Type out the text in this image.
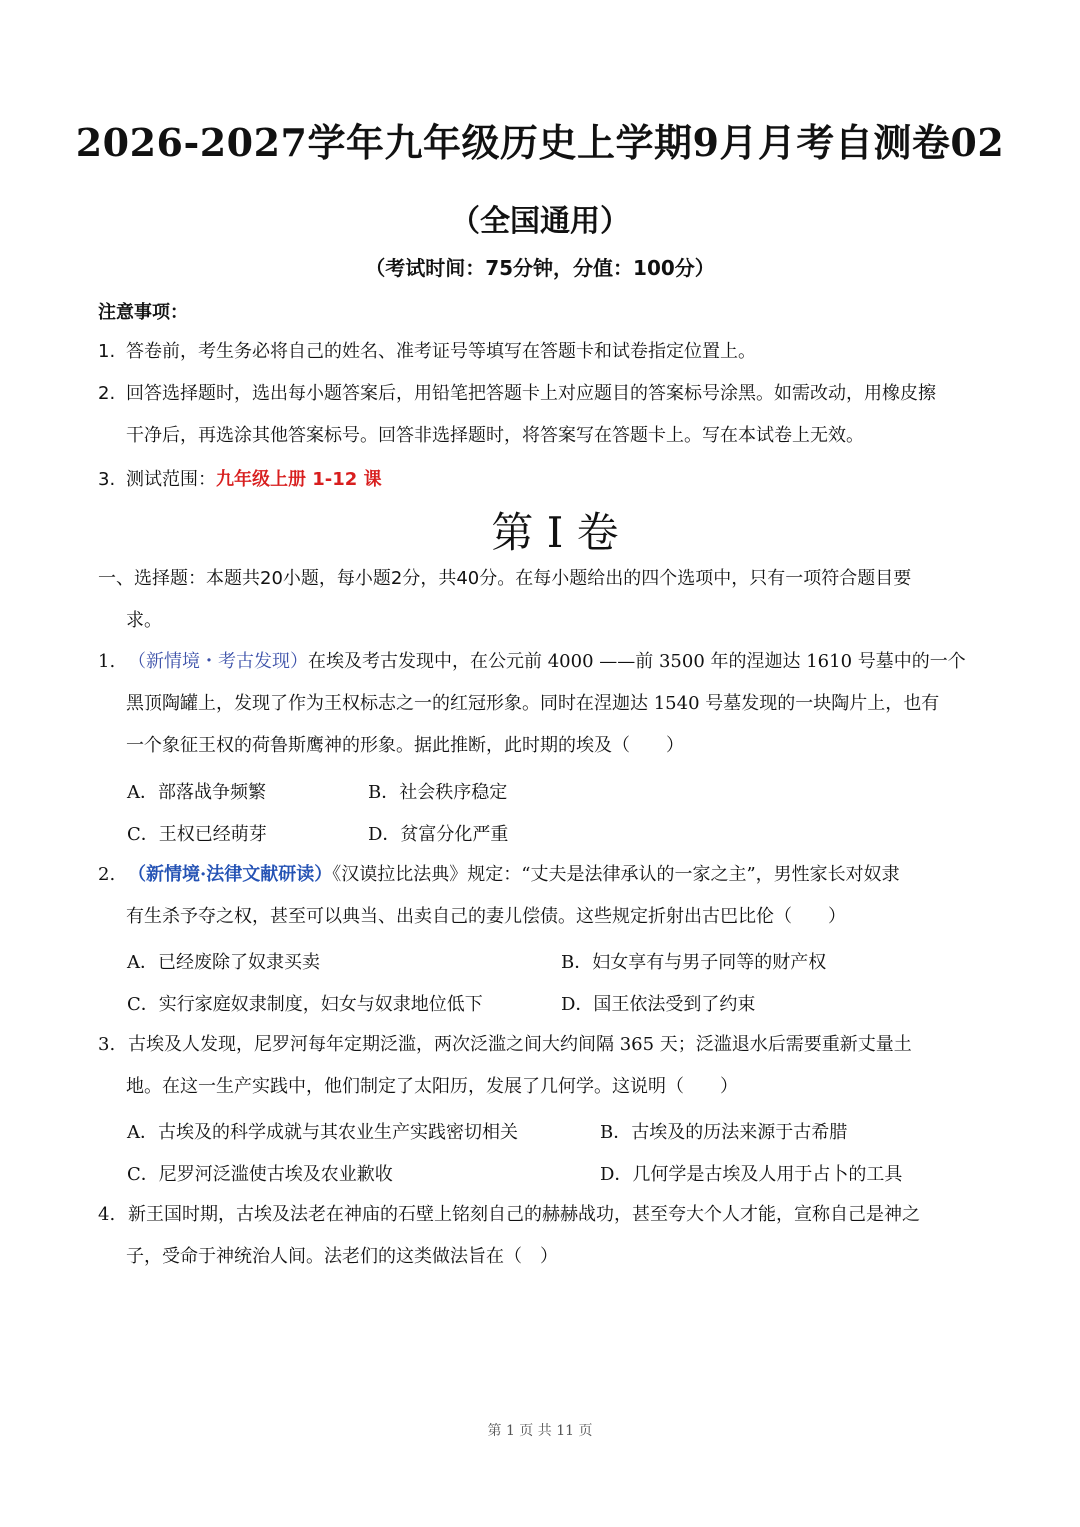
2026-2027学年九年级历史上学期9月月考自测卷02
（全国通用）
（考试时间：75分钟，分值：100分）
注意事项：
1. 答卷前，考生务必将自己的姓名、准考证号等填写在答题卡和试卷指定位置上。
2. 回答选择题时，选出每小题答案后，用铅笔把答题卡上对应题目的答案标号涂黑。如需改动，用橡皮擦
干净后，再选涂其他答案标号。回答非选择题时，将答案写在答题卡上。写在本试卷上无效。
3. 测试范围：九年级上册 1-12 课
第 I 卷
一、选择题：本题共20小题，每小题2分，共40分。在每小题给出的四个选项中，只有一项符合题目要
求。
1. （新情境・考古发现）在埃及考古发现中，在公元前 4000 ——前 3500 年的涅迦达 1610 号墓中的一个
黑顶陶罐上，发现了作为王权标志之一的红冠形象。同时在涅迦达 1540 号墓发现的一块陶片上，也有
一个象征王权的荷鲁斯鹰神的形象。据此推断，此时期的埃及（　　）
A．部落战争频繁	B．社会秩序稳定
C．王权已经萌芽	D．贫富分化严重
2. （新情境·法律文献研读）《汉谟拉比法典》规定：“丈夫是法律承认的一家之主”，男性家长对奴隶
有生杀予夺之权，甚至可以典当、出卖自己的妻儿偿债。这些规定折射出古巴比伦（　　）
A．已经废除了奴隶买卖	B．妇女享有与男子同等的财产权
C．实行家庭奴隶制度，妇女与奴隶地位低下	D．国王依法受到了约束
3. 古埃及人发现，尼罗河每年定期泛滥，两次泛滥之间大约间隔 365 天；泛滥退水后需要重新丈量土
地。在这一生产实践中，他们制定了太阳历，发展了几何学。这说明（　　）
A．古埃及的科学成就与其农业生产实践密切相关	B．古埃及的历法来源于古希腊
C．尼罗河泛滥使古埃及农业歉收	D．几何学是古埃及人用于占卜的工具
4. 新王国时期，古埃及法老在神庙的石壁上铭刻自己的赫赫战功，甚至夸大个人才能，宣称自己是神之
子，受命于神统治人间。法老们的这类做法旨在（　）
第 1 页 共 11 页
